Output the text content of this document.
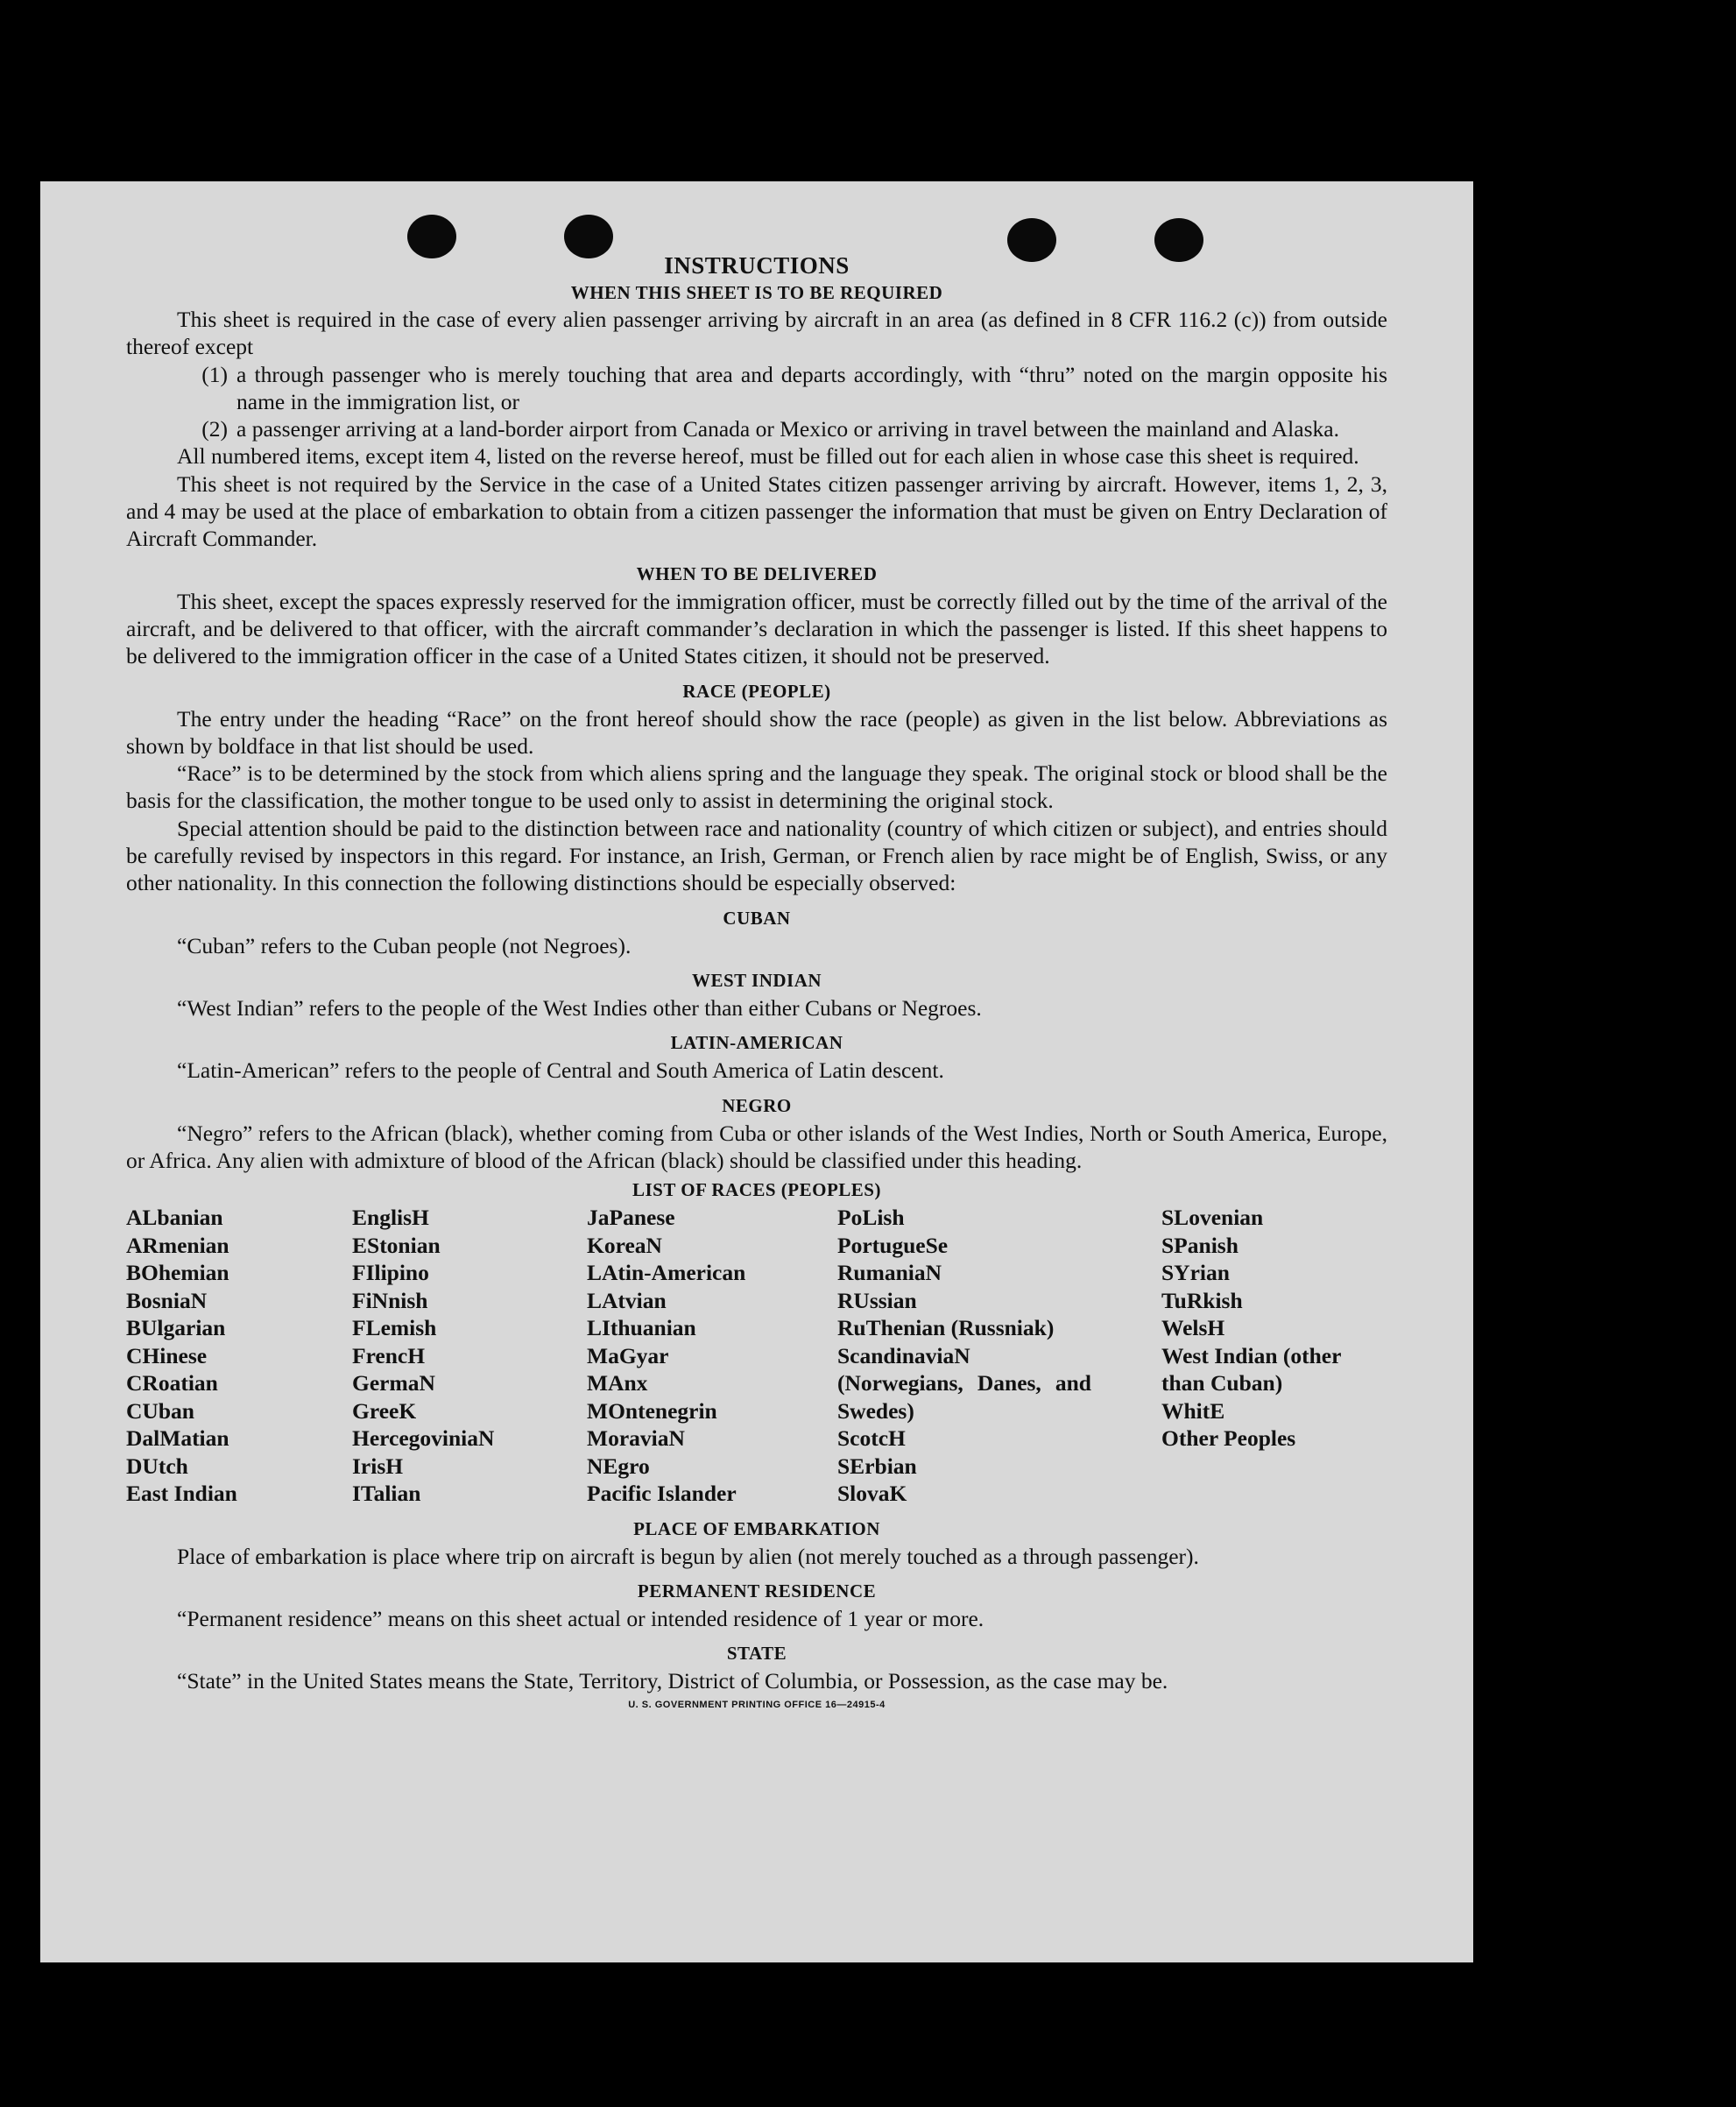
INSTRUCTIONS
WHEN THIS SHEET IS TO BE REQUIRED

This sheet is required in the case of every alien passenger arriving by aircraft in an area (as defined in 8 CFR 116.2 (c)) from outside thereof except

(1) a through passenger who is merely touching that area and departs accordingly, with “thru” noted on the margin opposite his name in the immigration list, or
(2) a passenger arriving at a land-border airport from Canada or Mexico or arriving in travel between the mainland and Alaska.

All numbered items, except item 4, listed on the reverse hereof, must be filled out for each alien in whose case this sheet is required.

This sheet is not required by the Service in the case of a United States citizen passenger arriving by aircraft. However, items 1, 2, 3, and 4 may be used at the place of embarkation to obtain from a citizen passenger the information that must be given on Entry Declaration of Aircraft Commander.

WHEN TO BE DELIVERED

This sheet, except the spaces expressly reserved for the immigration officer, must be correctly filled out by the time of the arrival of the aircraft, and be delivered to that officer, with the aircraft commander’s declaration in which the passenger is listed. If this sheet happens to be delivered to the immigration officer in the case of a United States citizen, it should not be preserved.

RACE (PEOPLE)

The entry under the heading “Race” on the front hereof should show the race (people) as given in the list below. Abbreviations as shown by boldface in that list should be used.

“Race” is to be determined by the stock from which aliens spring and the language they speak. The original stock or blood shall be the basis for the classification, the mother tongue to be used only to assist in determining the original stock.

Special attention should be paid to the distinction between race and nationality (country of which citizen or subject), and entries should be carefully revised by inspectors in this regard. For instance, an Irish, German, or French alien by race might be of English, Swiss, or any other nationality. In this connection the following distinctions should be especially observed:

CUBAN

“Cuban” refers to the Cuban people (not Negroes).

WEST INDIAN

“West Indian” refers to the people of the West Indies other than either Cubans or Negroes.

LATIN-AMERICAN

“Latin-American” refers to the people of Central and South America of Latin descent.

NEGRO

“Negro” refers to the African (black), whether coming from Cuba or other islands of the West Indies, North or South America, Europe, or Africa. Any alien with admixture of blood of the African (black) should be classified under this heading.

LIST OF RACES (PEOPLES)
ALbanian
ARmenian
BOhemian
BosniaN
BUlgarian
CHinese
CRoatian
CUban
DalMatian
DUtch
East Indian
EnglisH
EStonian
FIlipino
FiNnish
FLemish
FrencH
GermaN
GreeK
HercegoviniaN
IrisH
ITalian
JaPanese
KoreaN
LAtin-American
LAtvian
LIthuanian
MaGyar
MAnx
MOntenegrin
MoraviaN
NEgro
Pacific Islander
PoLish
PortugueSe
RumaniaN
RUssian
RuThenian (Russniak)
ScandinaviaN (Norwegians, Danes, and Swedes)
ScotcH
SErbian
SlovaK
SLovenian
SPanish
SYrian
TuRkish
WelsH
West Indian (other than Cuban)
WhitE
Other Peoples
PLACE OF EMBARKATION

Place of embarkation is place where trip on aircraft is begun by alien (not merely touched as a through passenger).

PERMANENT RESIDENCE

“Permanent residence” means on this sheet actual or intended residence of 1 year or more.

STATE

“State” in the United States means the State, Territory, District of Columbia, or Possession, as the case may be.

U. S. GOVERNMENT PRINTING OFFICE 16—24915-4
